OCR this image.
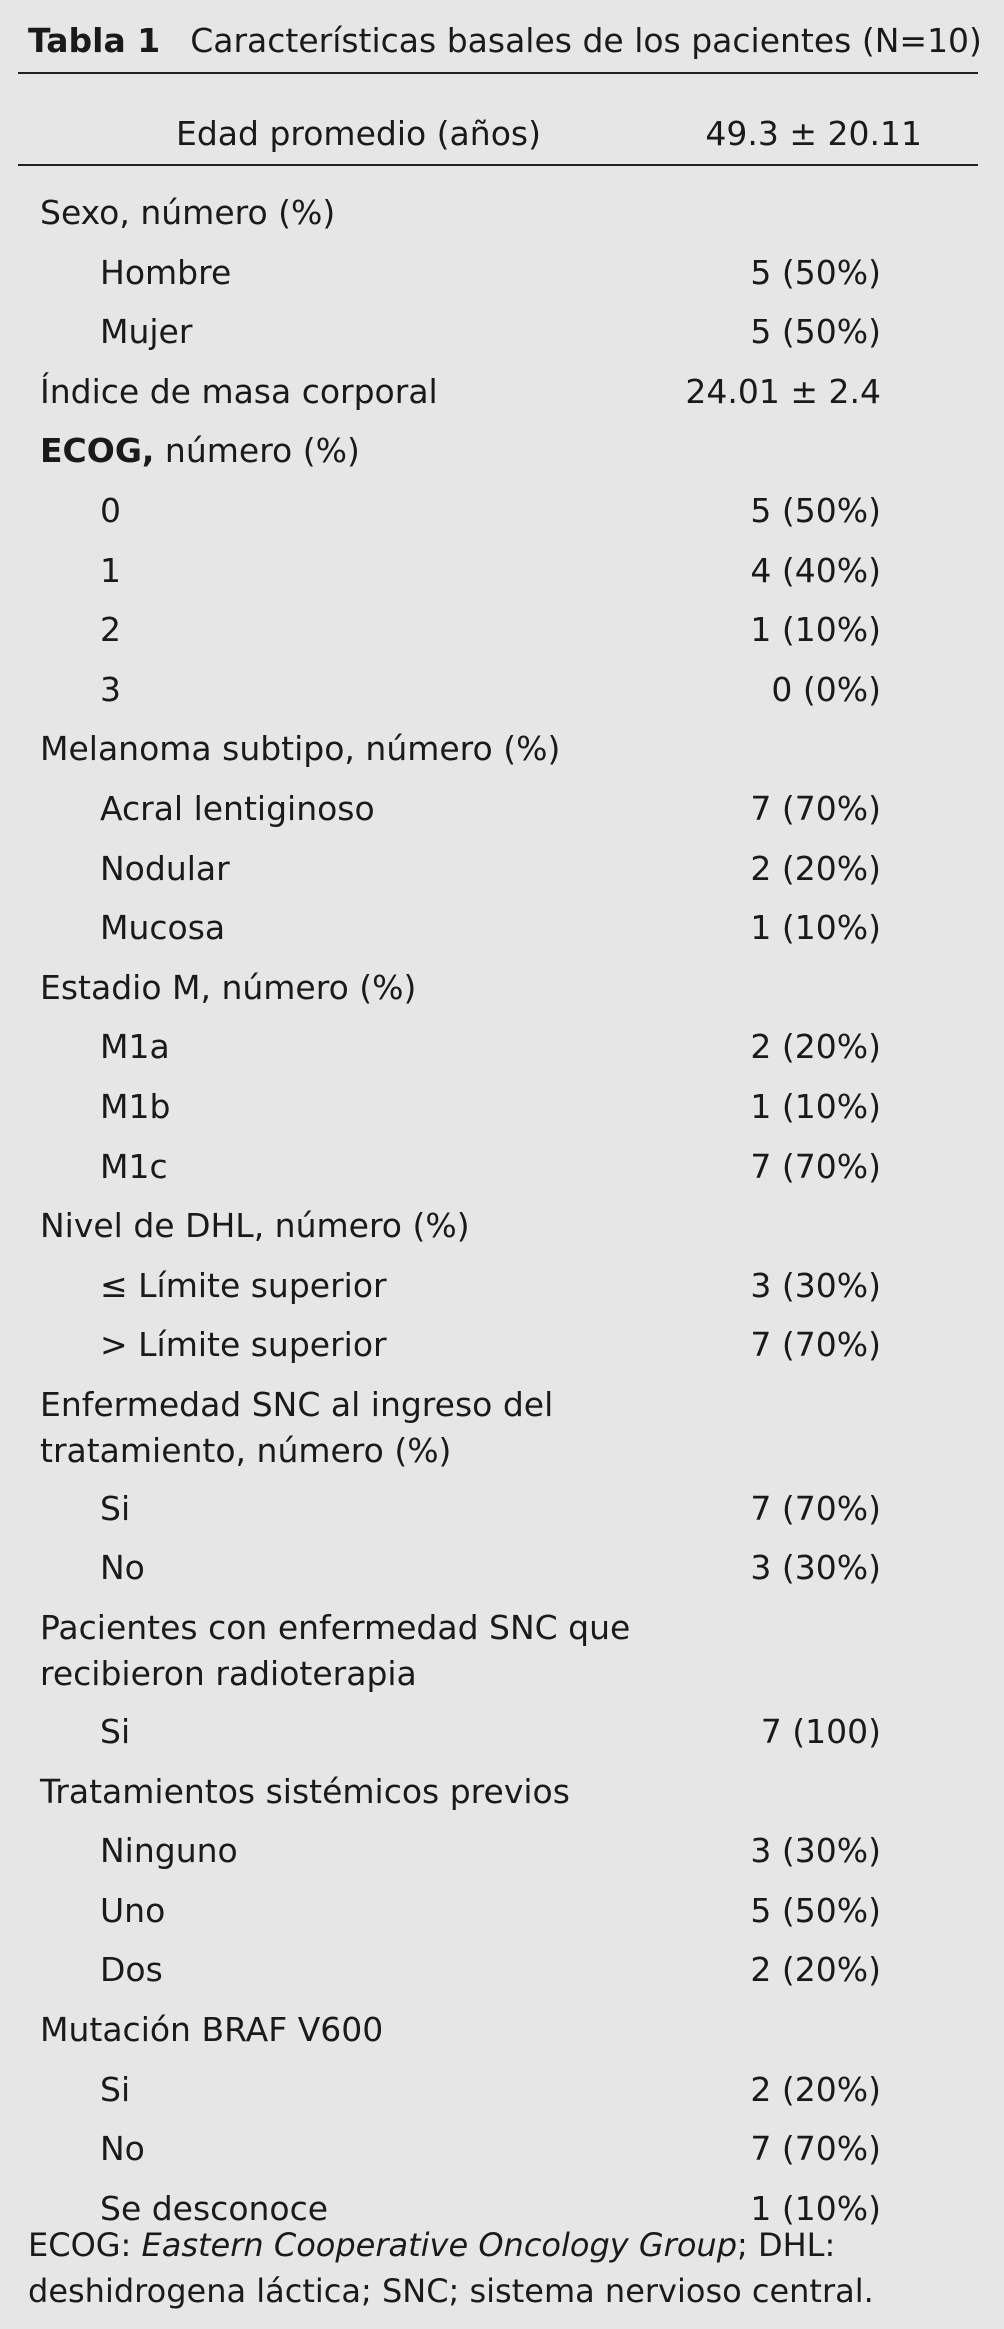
Tabla 1 Características basales de los pacientes (N=10)
Edad promedio (años)	49.3 ± 20.11
Sexo, número (%)
Hombre	5 (50%)
Mujer	5 (50%)
Índice de masa corporal	24.01 ± 2.4
ECOG, número (%)
0	5 (50%)
1	4 (40%)
2	1 (10%)
3	0 (0%)
Melanoma subtipo, número (%)
Acral lentiginoso	7 (70%)
Nodular	2 (20%)
Mucosa	1 (10%)
Estadio M, número (%)
M1a	2 (20%)
M1b	1 (10%)
M1c	7 (70%)
Nivel de DHL, número (%)
≤ Límite superior	3 (30%)
> Límite superior	7 (70%)
Enfermedad SNC al ingreso del tratamiento, número (%)
Si	7 (70%)
No	3 (30%)
Pacientes con enfermedad SNC que recibieron radioterapia
Si	7 (100)
Tratamientos sistémicos previos
Ninguno	3 (30%)
Uno	5 (50%)
Dos	2 (20%)
Mutación BRAF V600
Si	2 (20%)
No	7 (70%)
Se desconoce	1 (10%)
ECOG: Eastern Cooperative Oncology Group; DHL: deshidrogena láctica; SNC; sistema nervioso central.
